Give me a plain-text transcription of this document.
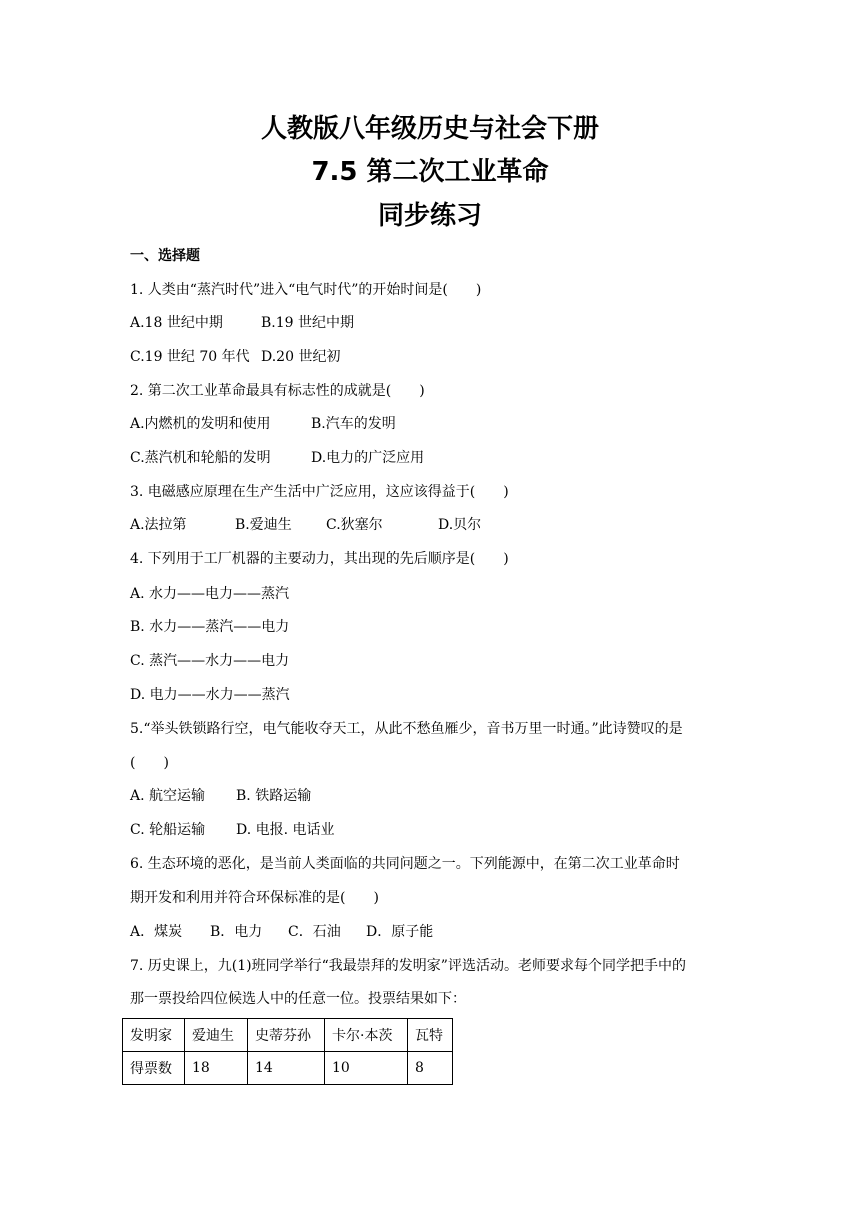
人教版八年级历史与社会下册
7.5 第二次工业革命
同步练习
一、选择题
1. 人类由“蒸汽时代”进入“电气时代”的开始时间是(　　)
A.18 世纪中期	B.19 世纪中期
C.19 世纪 70 年代 D.20 世纪初
2. 第二次工业革命最具有标志性的成就是(　　)
A.内燃机的发明和使用	B.汽车的发明
C.蒸汽机和轮船的发明	D.电力的广泛应用
3. 电磁感应原理在生产生活中广泛应用，这应该得益于(　　)
A.法拉第	B.爱迪生	C.狄塞尔	D.贝尔
4. 下列用于工厂机器的主要动力，其出现的先后顺序是(　　)
A. 水力——电力——蒸汽
B. 水力——蒸汽——电力
C. 蒸汽——水力——电力
D. 电力——水力——蒸汽
5.“举头铁锁路行空，电气能收夺天工，从此不愁鱼雁少，音书万里一时通。”此诗赞叹的是
(　　)
A. 航空运输	B. 铁路运输
C. 轮船运输	D. 电报. 电话业
6. 生态环境的恶化，是当前人类面临的共同问题之一。下列能源中，在第二次工业革命时
期开发和利用并符合环保标准的是(　　)
A．煤炭	B．电力	C．石油	D．原子能
7. 历史课上，九(1)班同学举行“我最崇拜的发明家”评选活动。老师要求每个同学把手中的
那一票投给四位候选人中的任意一位。投票结果如下：
发明家	爱迪生	史蒂芬孙	卡尔·本茨	瓦特
得票数	18	14	10	8
